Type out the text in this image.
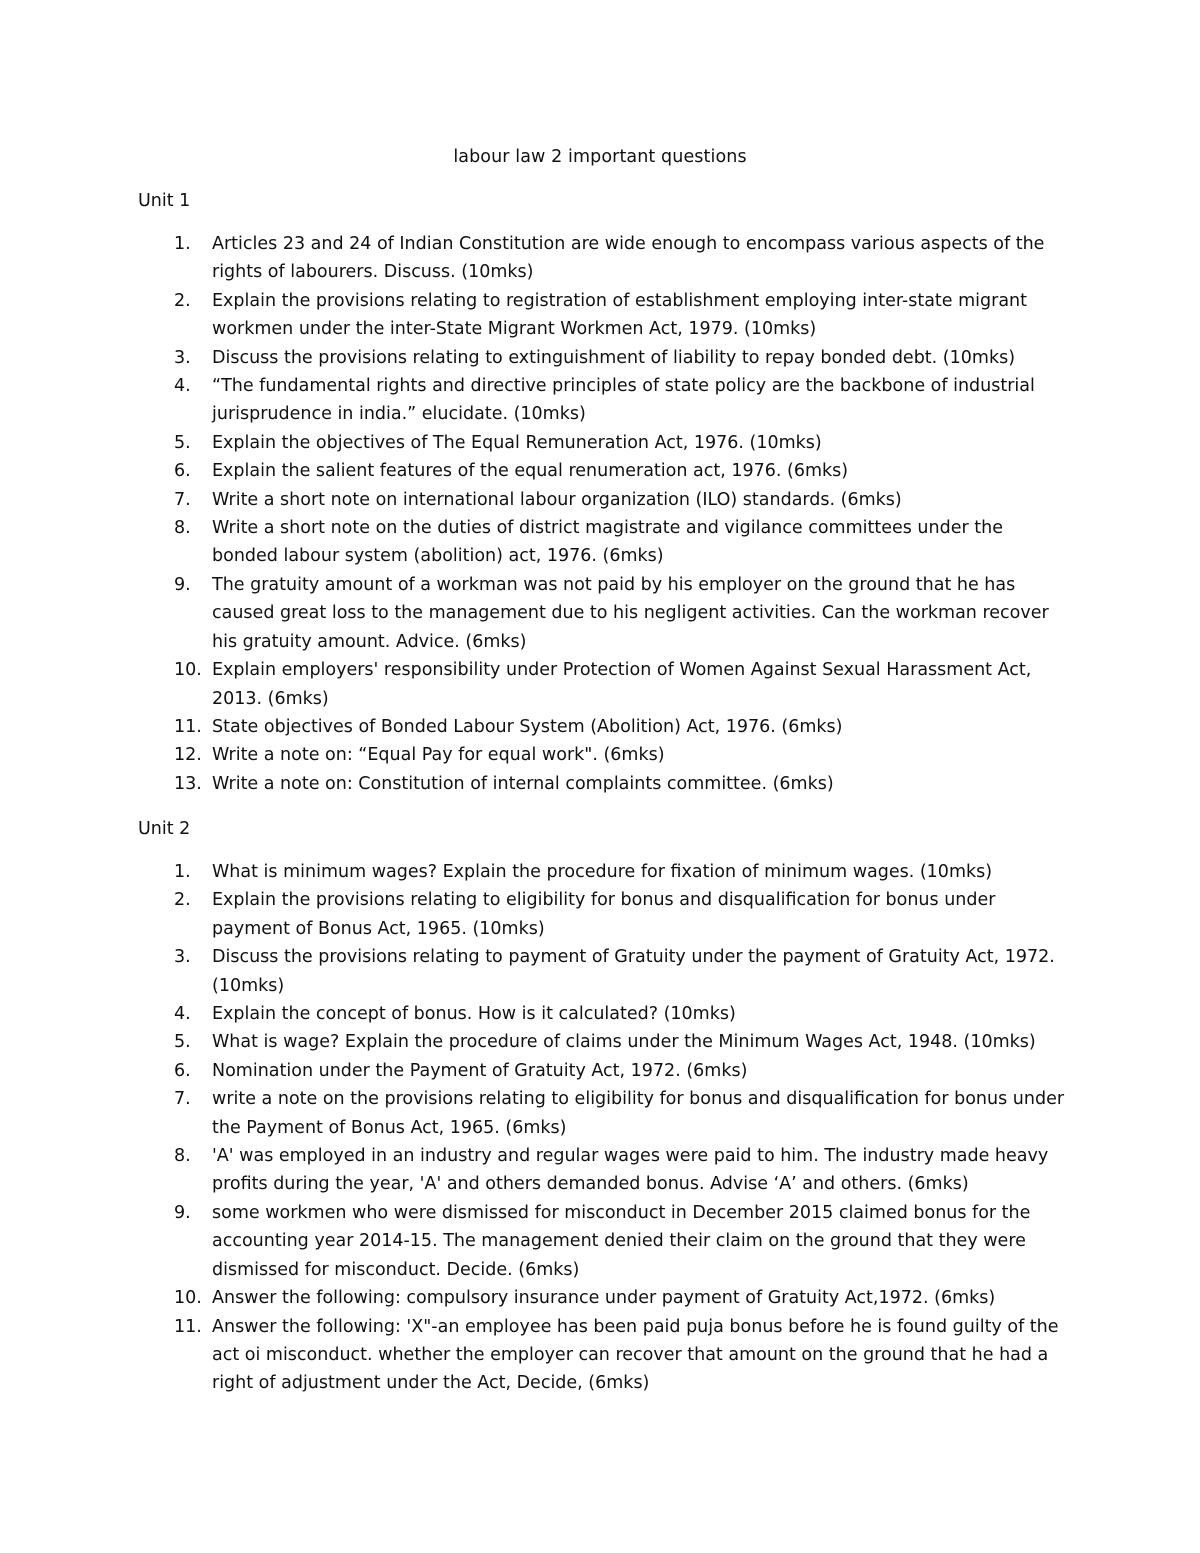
labour law 2 important questions
Unit 1
1.	Articles 23 and 24 of Indian Constitution are wide enough to encompass various aspects of the rights of labourers. Discuss. (10mks)
2.	Explain the provisions relating to registration of establishment employing inter-state migrant workmen under the inter-State Migrant Workmen Act, 1979. (10mks)
3.	Discuss the provisions relating to extinguishment of liability to repay bonded debt. (10mks)
4.	“The fundamental rights and directive principles of state policy are the backbone of industrial jurisprudence in india.” elucidate. (10mks)
5.	Explain the objectives of The Equal Remuneration Act, 1976. (10mks)
6.	Explain the salient features of the equal renumeration act, 1976. (6mks)
7.	Write a short note on international labour organization (ILO) standards. (6mks)
8.	Write a short note on the duties of district magistrate and vigilance committees under the bonded labour system (abolition) act, 1976. (6mks)
9.	The gratuity amount of a workman was not paid by his employer on the ground that he has caused great loss to the management due to his negligent activities. Can the workman recover his gratuity amount. Advice. (6mks)
10. Explain employers' responsibility under Protection of Women Against Sexual Harassment Act, 2013. (6mks)
11. State objectives of Bonded Labour System (Abolition) Act, 1976. (6mks)
12. Write a note on: “Equal Pay for equal work". (6mks)
13. Write a note on: Constitution of internal complaints committee. (6mks)
Unit 2
1.	What is minimum wages? Explain the procedure for fixation of minimum wages. (10mks)
2.	Explain the provisions relating to eligibility for bonus and disqualification for bonus under payment of Bonus Act, 1965. (10mks)
3.	Discuss the provisions relating to payment of Gratuity under the payment of Gratuity Act, 1972. (10mks)
4.	Explain the concept of bonus. How is it calculated? (10mks)
5.	What is wage? Explain the procedure of claims under the Minimum Wages Act, 1948. (10mks)
6.	Nomination under the Payment of Gratuity Act, 1972. (6mks)
7.	write a note on the provisions relating to eligibility for bonus and disqualification for bonus under the Payment of Bonus Act, 1965. (6mks)
8.	'A' was employed in an industry and regular wages were paid to him. The industry made heavy profits during the year, 'A' and others demanded bonus. Advise ‘A’ and others. (6mks)
9.	some workmen who were dismissed for misconduct in December 2015 claimed bonus for the accounting year 2014-15. The management denied their claim on the ground that they were dismissed for misconduct. Decide. (6mks)
10. Answer the following: compulsory insurance under payment of Gratuity Act,1972. (6mks)
11. Answer the following: 'X"-an employee has been paid puja bonus before he is found guilty of the act oi misconduct. whether the employer can recover that amount on the ground that he had a right of adjustment under the Act, Decide, (6mks)
